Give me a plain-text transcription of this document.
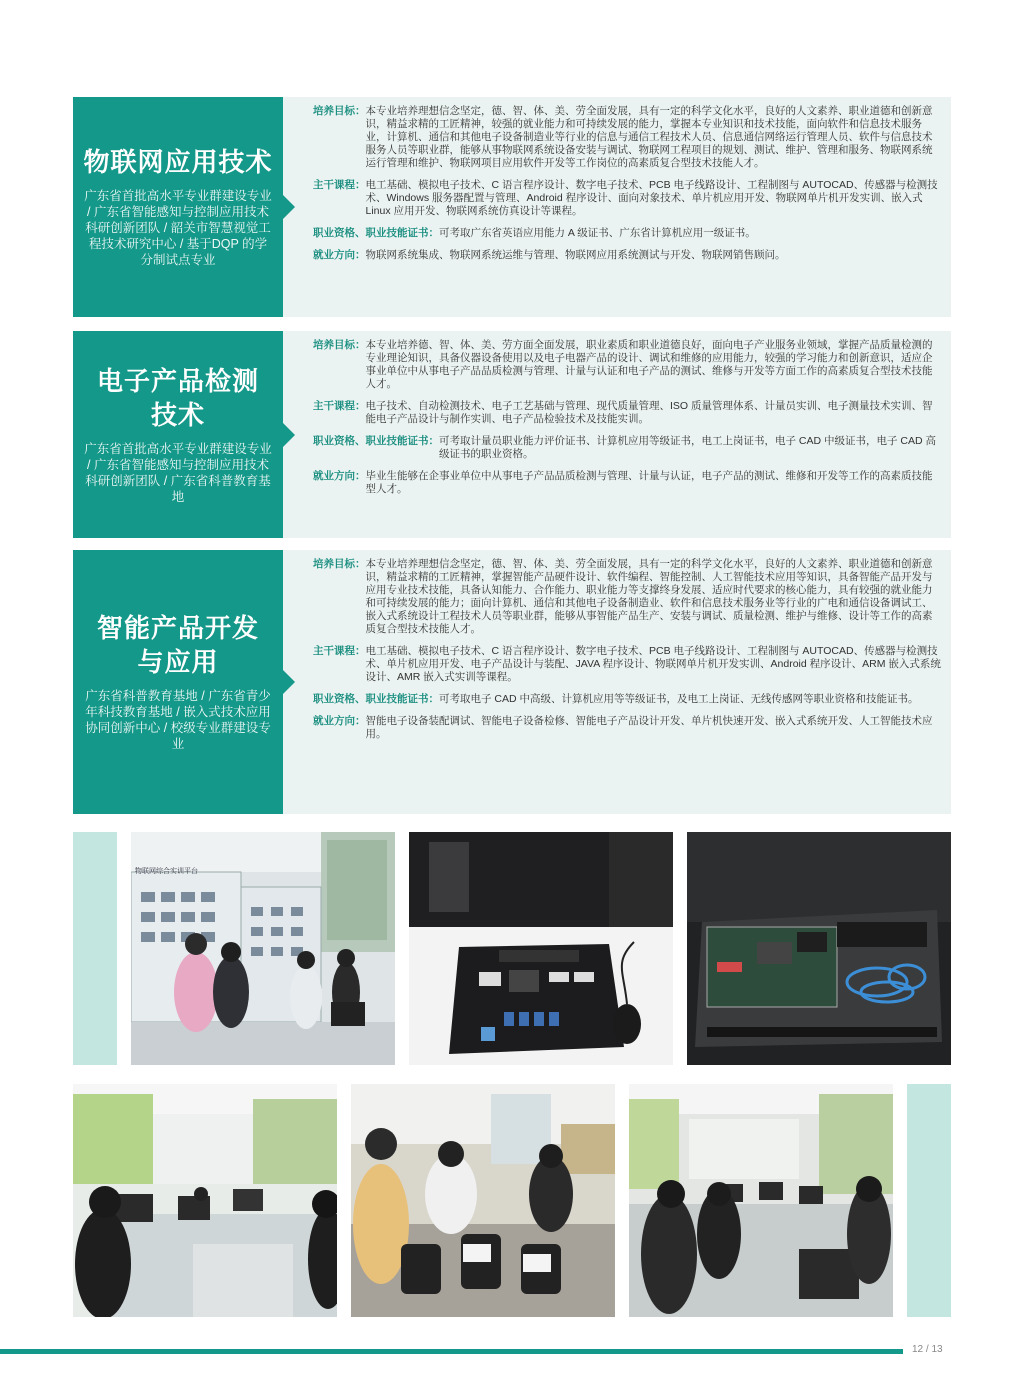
物联网应用技术

广东省首批高水平专业群建设专业 / 广东省智能感知与控制应用技术科研创新团队 / 韶关市智慧视觉工程技术研究中心 / 基于DQP 的学分制试点专业

培养目标： 本专业培养理想信念坚定，德、智、体、美、劳全面发展，具有一定的科学文化水平，良好的人文素养、职业道德和创新意识，精益求精的工匠精神，较强的就业能力和可持续发展的能力，掌握本专业知识和技术技能，面向软件和信息技术服务业，计算机、通信和其他电子设备制造业等行业的信息与通信工程技术人员、信息通信网络运行管理人员、软件与信息技术服务人员等职业群，能够从事物联网系统设备安装与调试、物联网工程项目的规划、测试、维护、管理和服务、物联网系统运行管理和维护、物联网项目应用软件开发等工作岗位的高素质复合型技术技能人才。
主干课程： 电工基础、模拟电子技术、C 语言程序设计、数字电子技术、PCB 电子线路设计、工程制图与 AUTOCAD、传感器与检测技术、Windows 服务器配置与管理、Android 程序设计、面向对象技术、单片机应用开发、物联网单片机开发实训、嵌入式 Linux 应用开发、物联网系统仿真设计等课程。
职业资格、职业技能证书： 可考取广东省英语应用能力 A 级证书、广东省计算机应用一级证书。
就业方向： 物联网系统集成、物联网系统运维与管理、物联网应用系统测试与开发、物联网销售顾问。
电子产品检测
技术

广东省首批高水平专业群建设专业 / 广东省智能感知与控制应用技术科研创新团队 / 广东省科普教育基地

培养目标： 本专业培养德、智、体、美、劳方面全面发展，职业素质和职业道德良好，面向电子产业服务业领域，掌握产品质量检测的专业理论知识，具备仪器设备使用以及电子电器产品的设计、调试和维修的应用能力，较强的学习能力和创新意识，适应企事业单位中从事电子产品品质检测与管理、计量与认证和电子产品的测试、维修与开发等方面工作的高素质复合型技术技能人才。
主干课程： 电子技术、自动检测技术、电子工艺基础与管理、现代质量管理、ISO 质量管理体系、计量员实训、电子测量技术实训、智能电子产品设计与制作实训、电子产品检验技术及技能实训。
职业资格、职业技能证书： 可考取计量员职业能力评价证书、计算机应用等级证书，电工上岗证书，电子 CAD 中级证书，电子 CAD 高级证书的职业资格。
就业方向： 毕业生能够在企事业单位中从事电子产品品质检测与管理、计量与认证，电子产品的测试、维修和开发等工作的高素质技能型人才。
智能产品开发
与应用

广东省科普教育基地 / 广东省青少年科技教育基地 / 嵌入式技术应用协同创新中心 / 校级专业群建设专业

培养目标： 本专业培养理想信念坚定，德、智、体、美、劳全面发展，具有一定的科学文化水平，良好的人文素养、职业道德和创新意识，精益求精的工匠精神，掌握智能产品硬件设计、软件编程、智能控制、人工智能技术应用等知识，具备智能产品开发与应用专业技术技能，具备认知能力、合作能力、职业能力等支撑终身发展、适应时代要求的核心能力，具有较强的就业能力和可持续发展的能力；面向计算机、通信和其他电子设备制造业、软件和信息技术服务业等行业的广电和通信设备调试工、嵌入式系统设计工程技术人员等职业群，能够从事智能产品生产、安装与调试、质量检测、维护与维修、设计等工作的高素质复合型技术技能人才。
主干课程： 电工基础、模拟电子技术、C 语言程序设计、数字电子技术、PCB 电子线路设计、工程制图与 AUTOCAD、传感器与检测技术、单片机应用开发、电子产品设计与装配、JAVA 程序设计、物联网单片机开发实训、Android 程序设计、ARM 嵌入式系统设计、AMR 嵌入式实训等课程。
职业资格、职业技能证书： 可考取电子 CAD 中高级、计算机应用等等级证书，及电工上岗证、无线传感网等职业资格和技能证书。
就业方向： 智能电子设备装配调试、智能电子设备检修、智能电子产品设计开发、单片机快速开发、嵌入式系统开发、人工智能技术应用。
物联网综合实训平台
12 / 13
